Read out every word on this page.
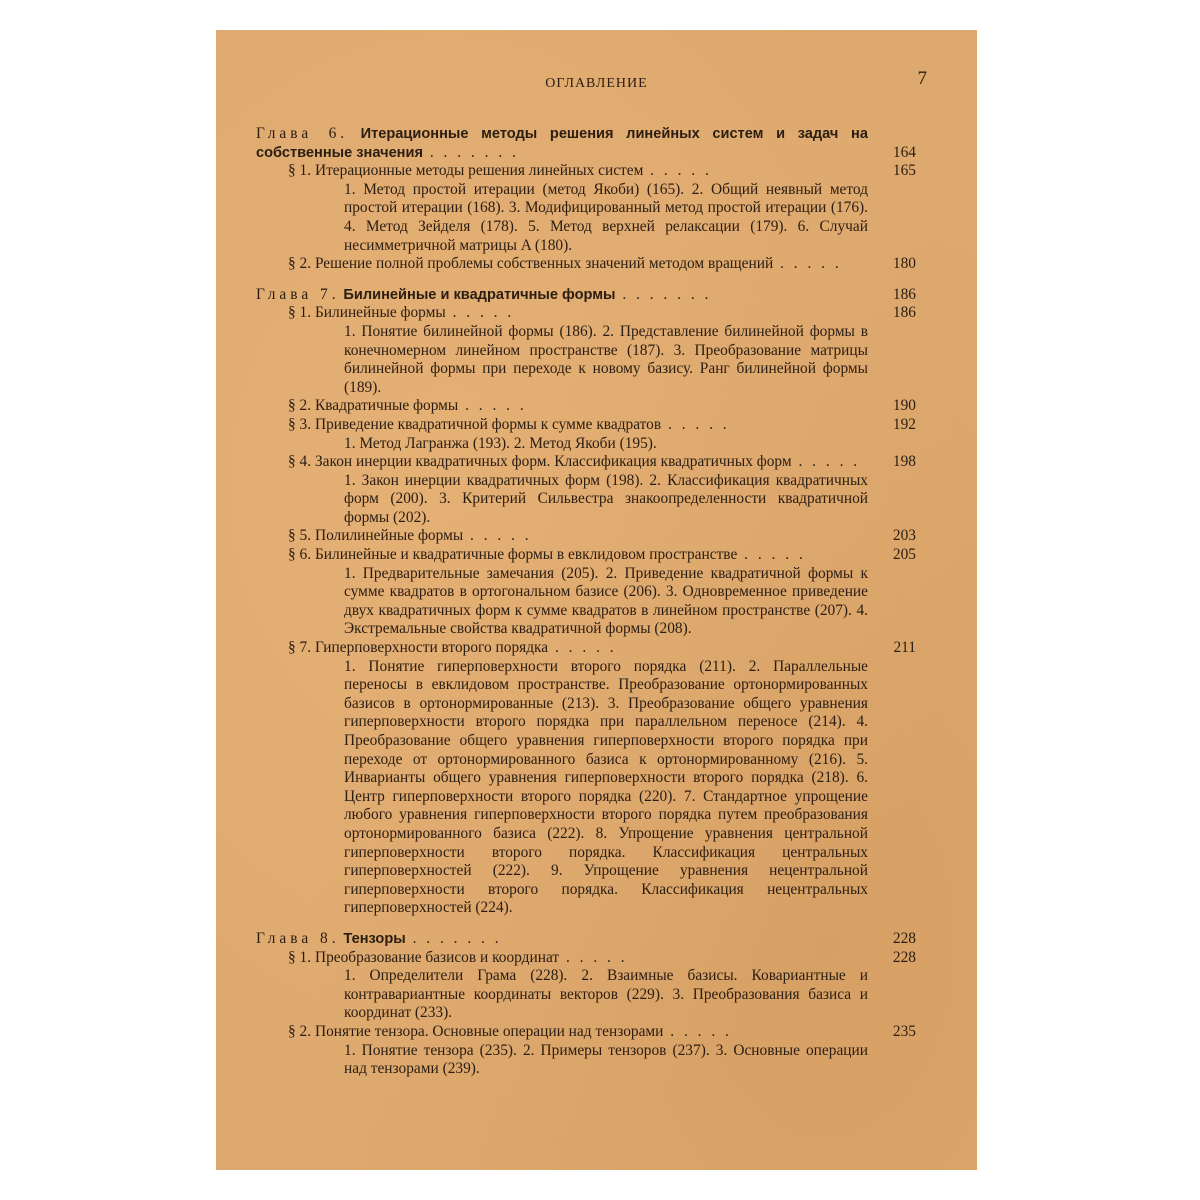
ОГЛАВЛЕНИЕ	7
Глава 6. Итерационные методы решения линейных систем и задач на собственные значения . . . . . . .	164
§ 1. Итерационные методы решения линейных систем . . . . .	165
1. Метод простой итерации (метод Якоби) (165). 2. Общий неявный метод простой итерации (168). 3. Модифицированный метод простой итерации (176). 4. Метод Зейделя (178). 5. Метод верхней релаксации (179). 6. Случай несимметричной матрицы A (180).
§ 2. Решение полной проблемы собственных значений методом вращений . . . . .	180
Глава 7. Билинейные и квадратичные формы . . . . . . .	186
§ 1. Билинейные формы . . . . .	186
1. Понятие билинейной формы (186). 2. Представление билинейной формы в конечномерном линейном пространстве (187). 3. Преобразование матрицы билинейной формы при переходе к новому базису. Ранг билинейной формы (189).
§ 2. Квадратичные формы . . . . .	190
§ 3. Приведение квадратичной формы к сумме квадратов . . . . .	192
1. Метод Лагранжа (193). 2. Метод Якоби (195).
§ 4. Закон инерции квадратичных форм. Классификация квадратичных форм . . . . .	198
1. Закон инерции квадратичных форм (198). 2. Классификация квадратичных форм (200). 3. Критерий Сильвестра знакоопределенности квадратичной формы (202).
§ 5. Полилинейные формы . . . . .	203
§ 6. Билинейные и квадратичные формы в евклидовом пространстве . . . . .	205
1. Предварительные замечания (205). 2. Приведение квадратичной формы к сумме квадратов в ортогональном базисе (206). 3. Одновременное приведение двух квадратичных форм к сумме квадратов в линейном пространстве (207). 4. Экстремальные свойства квадратичной формы (208).
§ 7. Гиперповерхности второго порядка . . . . .	211
1. Понятие гиперповерхности второго порядка (211). 2. Параллельные переносы в евклидовом пространстве. Преобразование ортонормированных базисов в ортонормированные (213). 3. Преобразование общего уравнения гиперповерхности второго порядка при параллельном переносе (214). 4. Преобразование общего уравнения гиперповерхности второго порядка при переходе от ортонормированного базиса к ортонормированному (216). 5. Инварианты общего уравнения гиперповерхности второго порядка (218). 6. Центр гиперповерхности второго порядка (220). 7. Стандартное упрощение любого уравнения гиперповерхности второго порядка путем преобразования ортонормированного базиса (222). 8. Упрощение уравнения центральной гиперповерхности второго порядка. Классификация центральных гиперповерхностей (222). 9. Упрощение уравнения нецентральной гиперповерхности второго порядка. Классификация нецентральных гиперповерхностей (224).
Глава 8. Тензоры . . . . . . .	228
§ 1. Преобразование базисов и координат . . . . .	228
1. Определители Грама (228). 2. Взаимные базисы. Ковариантные и контравариантные координаты векторов (229). 3. Преобразования базиса и координат (233).
§ 2. Понятие тензора. Основные операции над тензорами . . . . .	235
1. Понятие тензора (235). 2. Примеры тензоров (237). 3. Основные операции над тензорами (239).
